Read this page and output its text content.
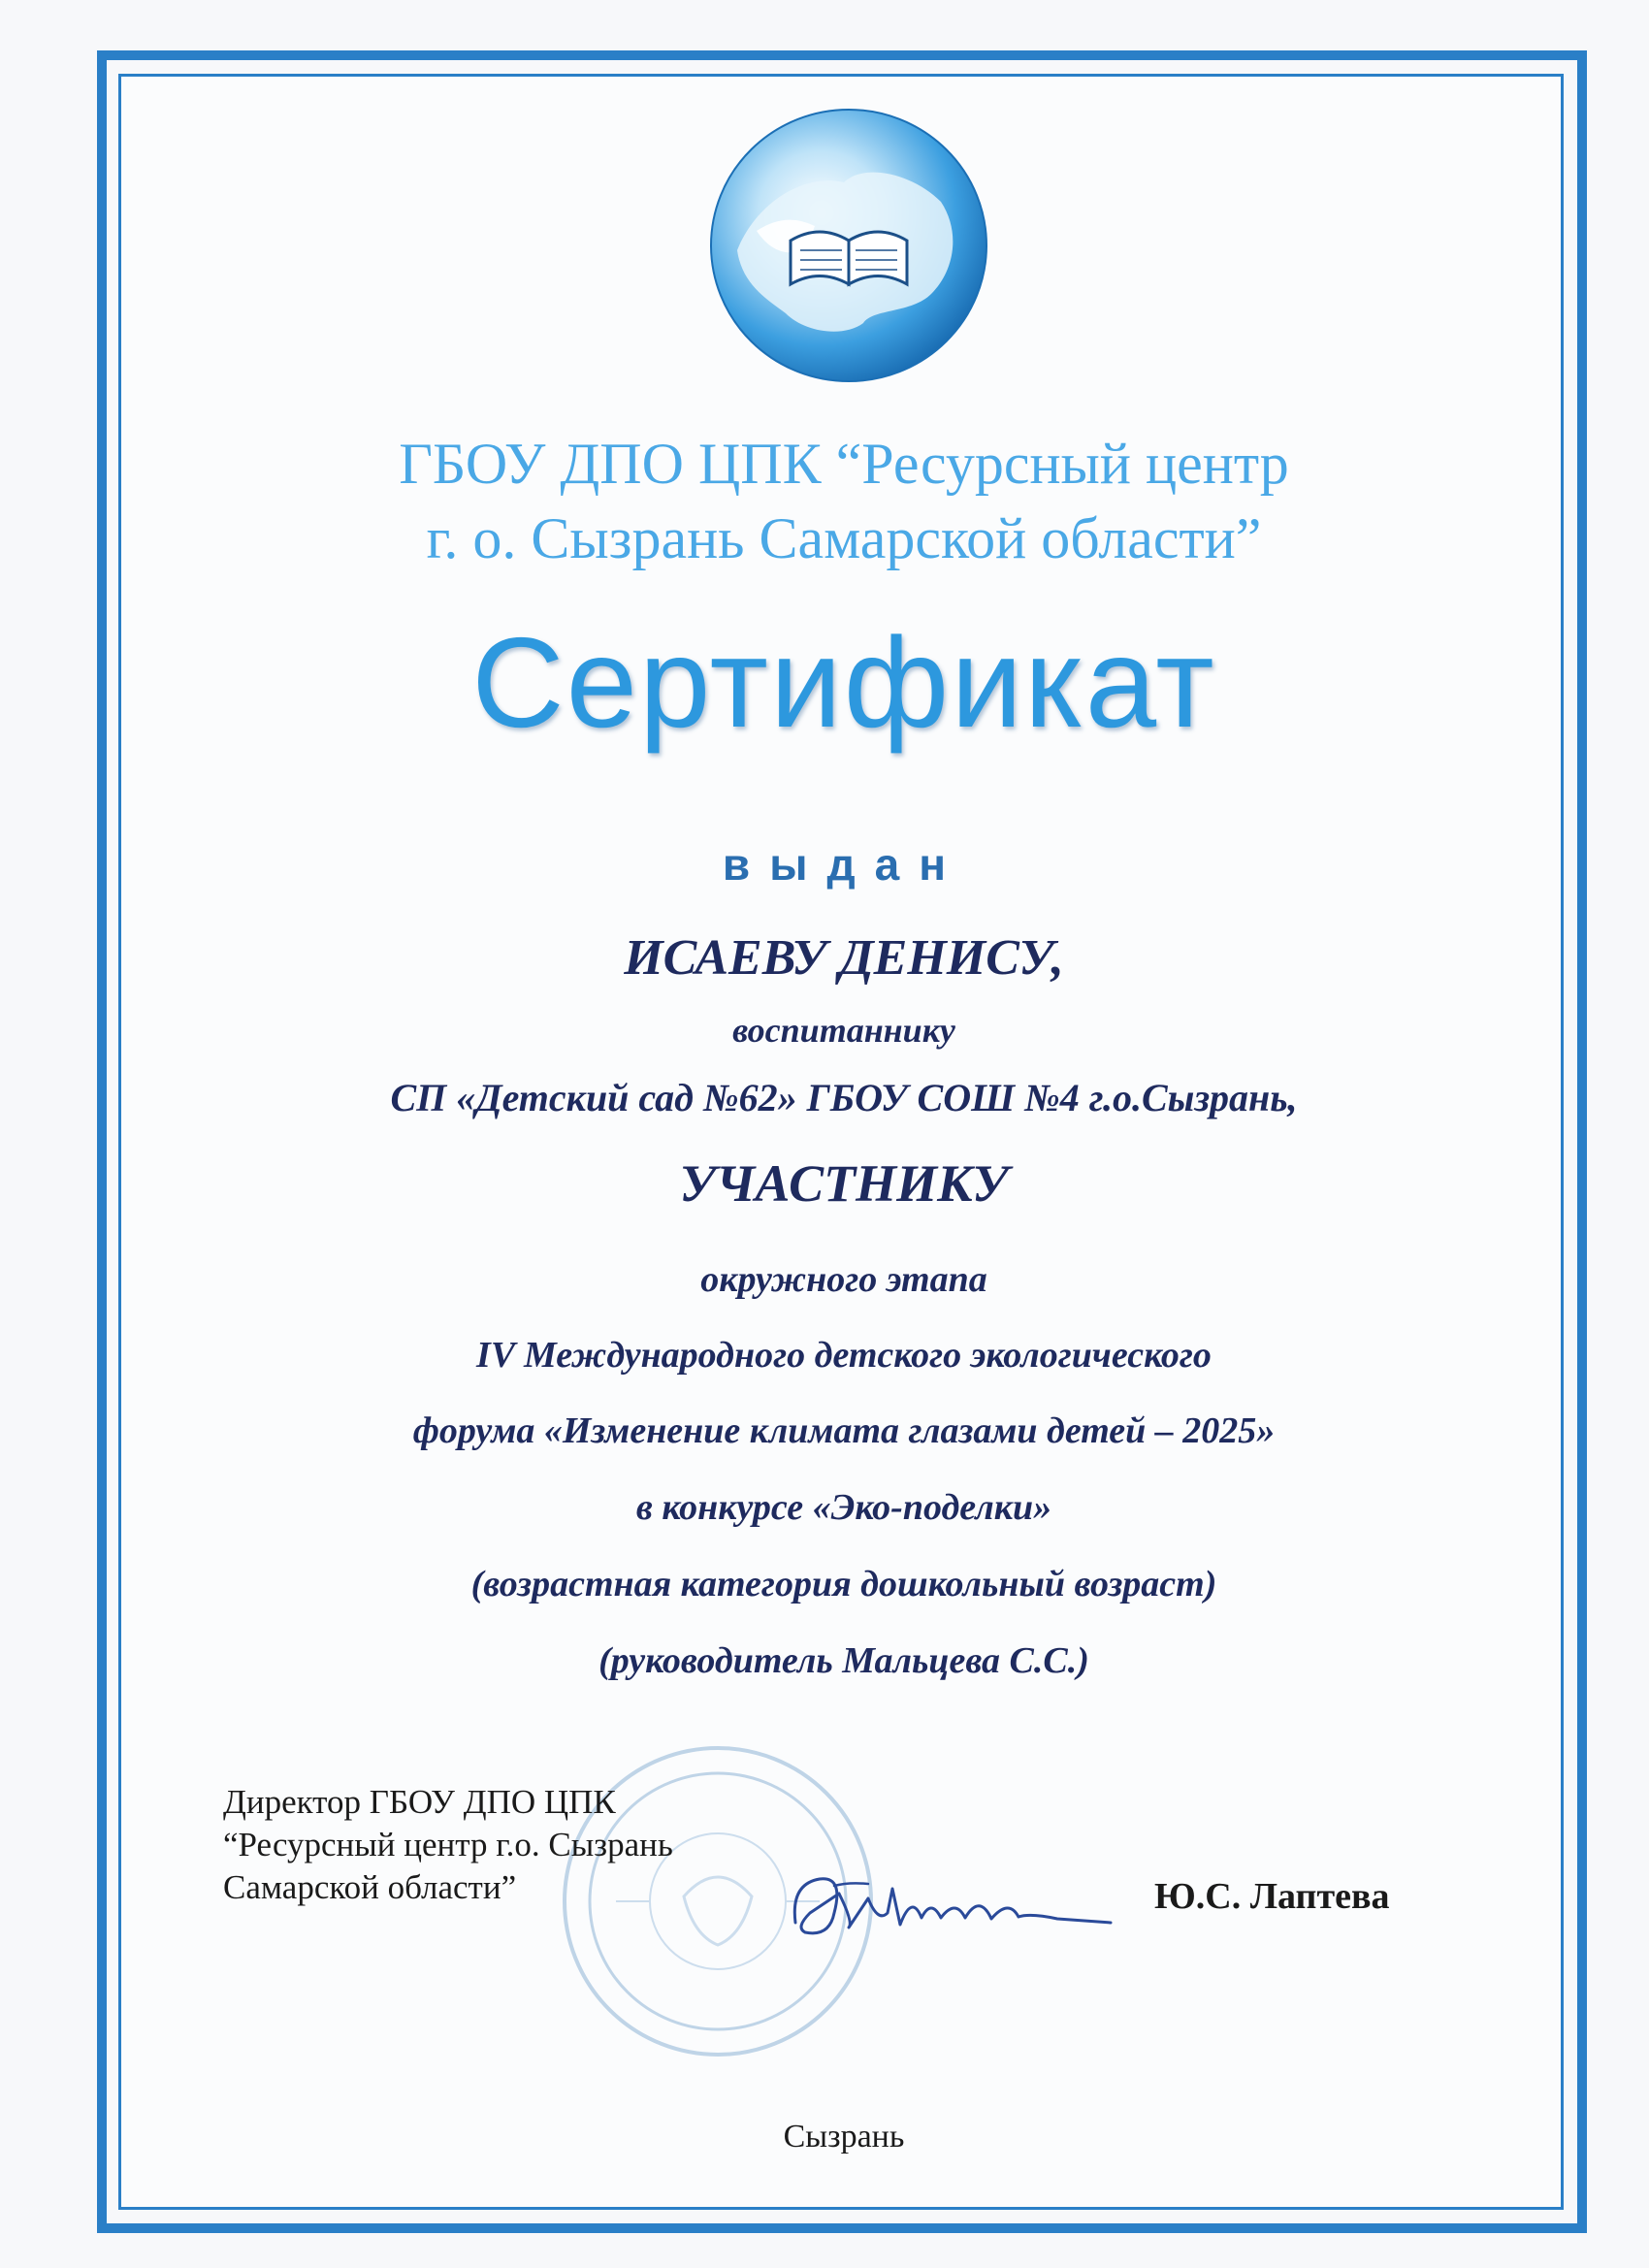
ГБОУ ДПО ЦПК “Ресурсный центр
г. о. Сызрань Самарской области”
Сертификат
выдан
ИСАЕВУ ДЕНИСУ,
воспитаннику
СП «Детский сад №62» ГБОУ СОШ №4 г.о.Сызрань,
УЧАСТНИКУ
окружного этапа
IV Международного детского экологического
форума «Изменение климата глазами детей – 2025»
в конкурсе «Эко-поделки»
(возрастная категория дошкольный возраст)
(руководитель Мальцева С.С.)
Директор ГБОУ ДПО ЦПК
“Ресурсный центр г.о. Сызрань
Самарской области”	Ю.С. Лаптева
Сызрань
